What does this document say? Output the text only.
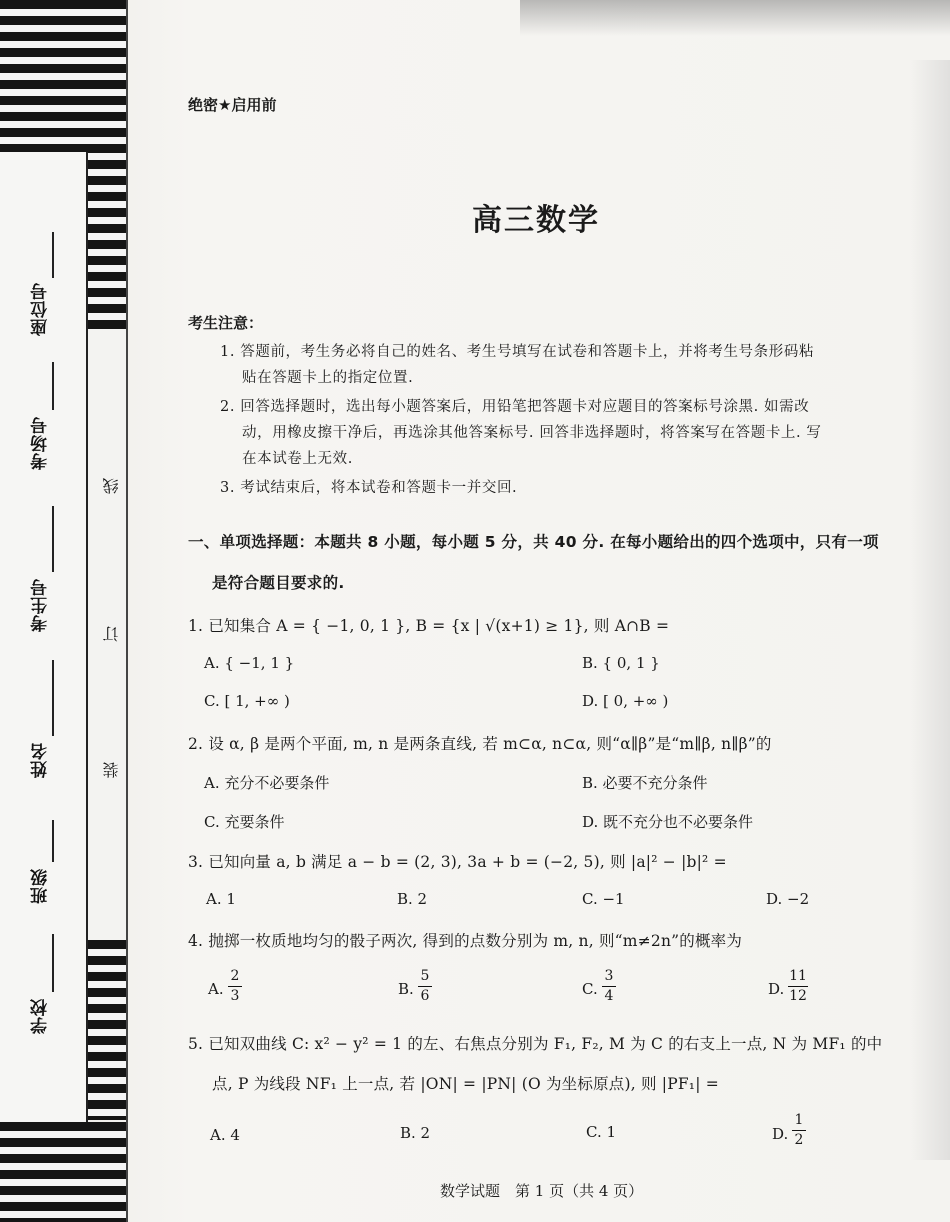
座位号
考场号
考生号
姓名
班级
学校
线
订
装
绝密★启用前
高三数学
考生注意：
1. 答题前，考生务必将自己的姓名、考生号填写在试卷和答题卡上，并将考生号条形码粘
贴在答题卡上的指定位置.
2. 回答选择题时，选出每小题答案后，用铅笔把答题卡对应题目的答案标号涂黑. 如需改
动，用橡皮擦干净后，再选涂其他答案标号. 回答非选择题时，将答案写在答题卡上. 写
在本试卷上无效.
3. 考试结束后，将本试卷和答题卡一并交回.
一、单项选择题：本题共 8 小题，每小题 5 分，共 40 分. 在每小题给出的四个选项中，只有一项
是符合题目要求的.
1. 已知集合 A = { −1, 0, 1 }, B = {x | √(x+1) ≥ 1}, 则 A∩B =
A. { −1, 1 }	B. { 0, 1 }
C. [ 1, +∞ )	D. [ 0, +∞ )
2. 设 α, β 是两个平面, m, n 是两条直线, 若 m⊂α, n⊂α, 则“α∥β”是“m∥β, n∥β”的
A. 充分不必要条件	B. 必要不充分条件
C. 充要条件	D. 既不充分也不必要条件
3. 已知向量 a, b 满足 a − b = (2, 3), 3a + b = (−2, 5), 则 |a|² − |b|² =
A. 1	B. 2	C. −1	D. −2
4. 抛掷一枚质地均匀的骰子两次, 得到的点数分别为 m, n, 则“m≠2n”的概率为
A.
2
3	B.
5
6	C.
3
4	D.
11
12
5. 已知双曲线 C: x² − y² = 1 的左、右焦点分别为 F₁, F₂, M 为 C 的右支上一点, N 为 MF₁ 的中
点, P 为线段 NF₁ 上一点, 若 |ON| = |PN| (O 为坐标原点), 则 |PF₁| =
A. 4	B. 2	C. 1	D.
1
2
数学试题　第 1 页（共 4 页）
